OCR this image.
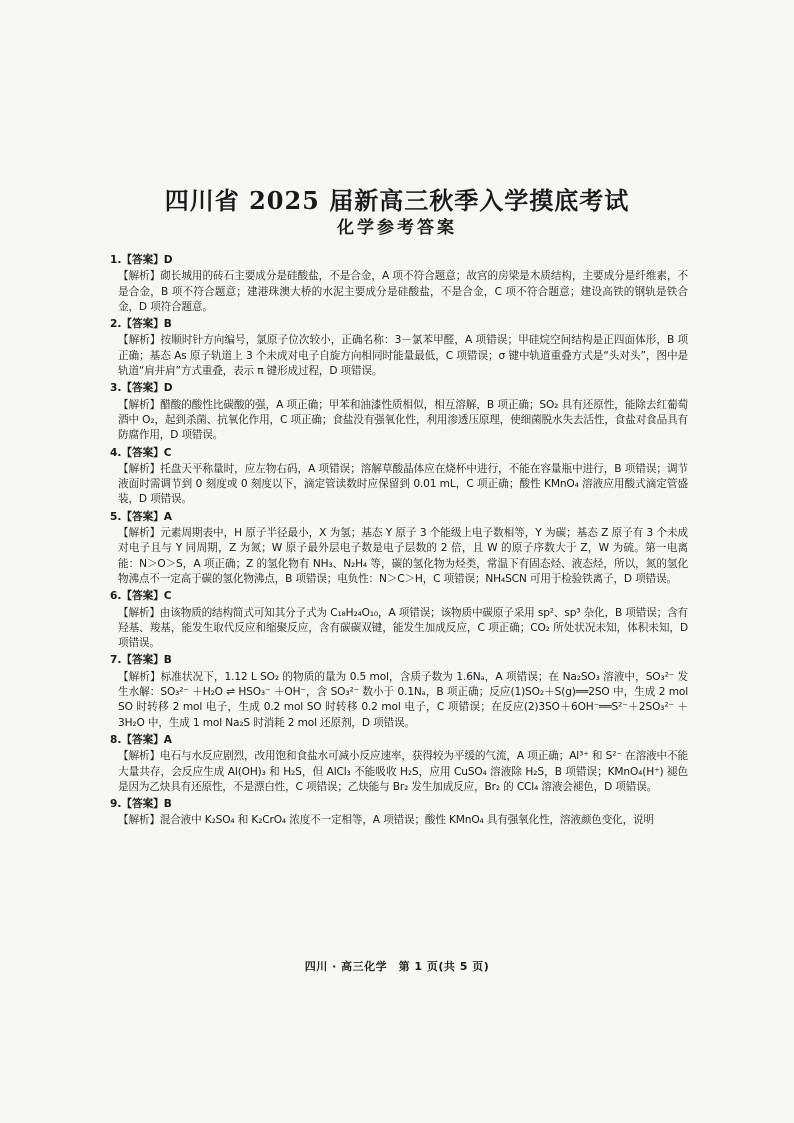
四川省 2025 届新高三秋季入学摸底考试
化学参考答案

1.【答案】D

【解析】砌长城用的砖石主要成分是硅酸盐，不是合金，A 项不符合题意；故宫的房梁是木质结构，主要成分是纤维素，不是合金，B 项不符合题意；建港珠澳大桥的水泥主要成分是硅酸盐，不是合金，C 项不符合题意；建设高铁的钢轨是铁合金，D 项符合题意。

2.【答案】B

【解析】按顺时针方向编号，氯原子位次较小，正确名称：3－氯苯甲醛，A 项错误；甲硅烷空间结构是正四面体形，B 项正确；基态 As 原子轨道上 3 个未成对电子自旋方向相同时能量最低，C 项错误；σ 键中轨道重叠方式是“头对头”，图中是轨道“肩并肩”方式重叠，表示 π 键形成过程，D 项错误。

3.【答案】D

【解析】醋酸的酸性比碳酸的强，A 项正确；甲苯和油漆性质相似，相互溶解，B 项正确；SO₂ 具有还原性，能除去红葡萄酒中 O₂，起到杀菌、抗氧化作用，C 项正确；食盐没有强氧化性，利用渗透压原理，使细菌脱水失去活性，食盐对食品具有防腐作用，D 项错误。

4.【答案】C

【解析】托盘天平称量时，应左物右码，A 项错误；溶解草酸晶体应在烧杯中进行，不能在容量瓶中进行，B 项错误；调节液面时需调节到 0 刻度或 0 刻度以下，滴定管读数时应保留到 0.01 mL，C 项正确；酸性 KMnO₄ 溶液应用酸式滴定管盛装，D 项错误。

5.【答案】A

【解析】元素周期表中，H 原子半径最小，X 为氢；基态 Y 原子 3 个能级上电子数相等，Y 为碳；基态 Z 原子有 3 个未成对电子且与 Y 同周期，Z 为氮；W 原子最外层电子数是电子层数的 2 倍，且 W 的原子序数大于 Z，W 为硫。第一电离能：N＞O＞S，A 项正确；Z 的氢化物有 NH₃、N₂H₄ 等，碳的氢化物为烃类，常温下有固态烃、液态烃，所以，氮的氢化物沸点不一定高于碳的氢化物沸点，B 项错误；电负性：N＞C＞H，C 项错误；NH₄SCN 可用于检验铁离子，D 项错误。

6.【答案】C

【解析】由该物质的结构简式可知其分子式为 C₁₈H₂₄O₁₀，A 项错误；该物质中碳原子采用 sp²、sp³ 杂化，B 项错误；含有羟基、羧基，能发生取代反应和缩聚反应，含有碳碳双键，能发生加成反应，C 项正确；CO₂ 所处状况未知，体积未知，D 项错误。

7.【答案】B

【解析】标准状况下，1.12 L SO₂ 的物质的量为 0.5 mol，含质子数为 1.6Nₐ，A 项错误；在 Na₂SO₃ 溶液中，SO₃²⁻ 发生水解：SO₃²⁻ ＋H₂O ⇌ HSO₃⁻ ＋OH⁻，含 SO₃²⁻ 数小于 0.1Nₐ，B 项正确；反应(1)SO₂＋S(g)══2SO 中，生成 2 mol SO 时转移 2 mol 电子，生成 0.2 mol SO 时转移 0.2 mol 电子，C 项错误；在反应(2)3SO＋6OH⁻══S²⁻＋2SO₃²⁻ ＋3H₂O 中，生成 1 mol Na₂S 时消耗 2 mol 还原剂，D 项错误。

8.【答案】A

【解析】电石与水反应剧烈，改用饱和食盐水可减小反应速率，获得较为平缓的气流，A 项正确；Al³⁺ 和 S²⁻ 在溶液中不能大量共存，会反应生成 Al(OH)₃ 和 H₂S，但 AlCl₃ 不能吸收 H₂S，应用 CuSO₄ 溶液除 H₂S，B 项错误；KMnO₄(H⁺) 褪色是因为乙炔具有还原性，不是漂白性，C 项错误；乙炔能与 Br₂ 发生加成反应，Br₂ 的 CCl₄ 溶液会褪色，D 项错误。

9.【答案】B

【解析】混合液中 K₂SO₄ 和 K₂CrO₄ 浓度不一定相等，A 项错误；酸性 KMnO₄ 具有强氧化性，溶液颜色变化，说明

四川 · 高三化学　第 1 页(共 5 页)
